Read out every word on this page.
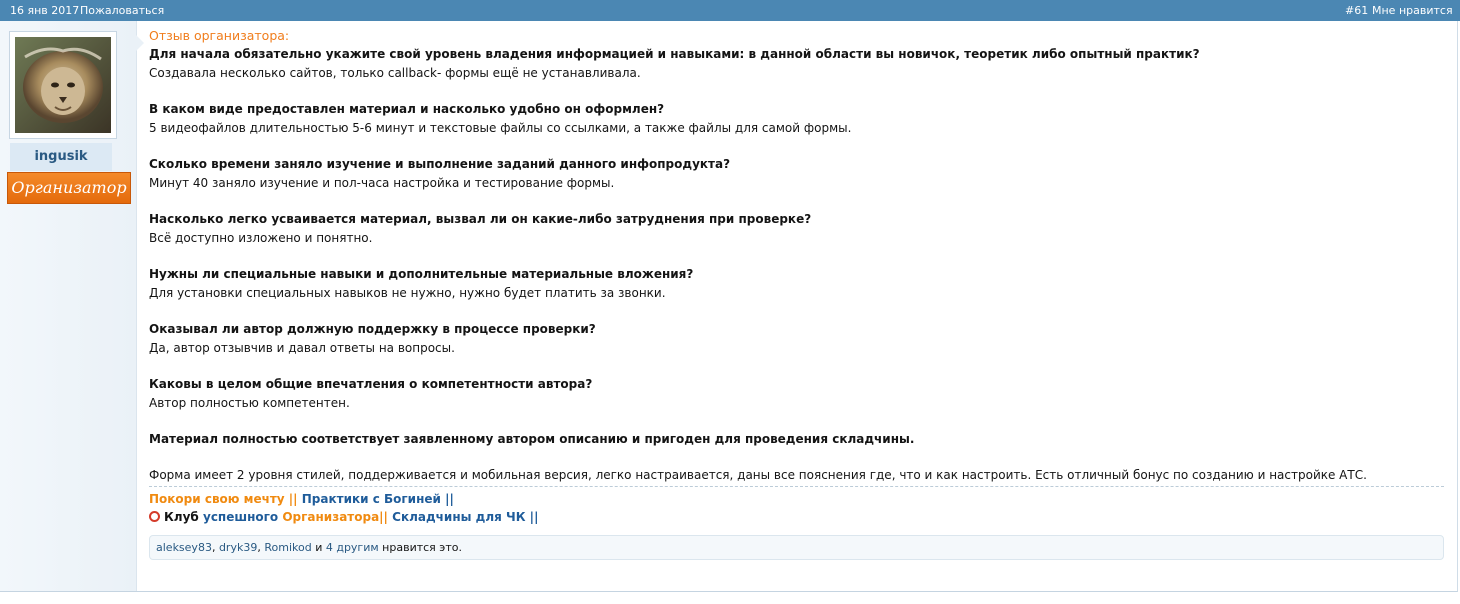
16 янв 2017 Пожаловаться	#61 Мне нравится
ingusik
Организатор

Отзыв организатора:

Для начала обязательно укажите свой уровень владения информацией и навыками: в данной области вы новичок, теоретик либо опытный практик?

Создавала несколько сайтов, только callback- формы ещё не устанавливала.

В каком виде предоставлен материал и насколько удобно он оформлен?

5 видеофайлов длительностью 5-6 минут и текстовые файлы со ссылками, а также файлы для самой формы.

Сколько времени заняло изучение и выполнение заданий данного инфопродукта?

Минут 40 заняло изучение и пол-часа настройка и тестирование формы.

Насколько легко усваивается материал, вызвал ли он какие-либо затруднения при проверке?

Всё доступно изложено и понятно.

Нужны ли специальные навыки и дополнительные материальные вложения?

Для установки специальных навыков не нужно, нужно будет платить за звонки.

Оказывал ли автор должную поддержку в процессе проверки?

Да, автор отзывчив и давал ответы на вопросы.

Каковы в целом общие впечатления о компетентности автора?

Автор полностью компетентен.

Материал полностью соответствует заявленному автором описанию и пригоден для проведения складчины.

Форма имеет 2 уровня стилей, поддерживается и мобильная версия, легко настраивается, даны все пояснения где, что и как настроить. Есть отличный бонус по созданию и настройке АТС.

Покори свою мечту || Практики с Богиней ||
Клуб успешного Организатора|| Складчины для ЧК ||
aleksey83, dryk39, Romikod и 4 другим нравится это.
